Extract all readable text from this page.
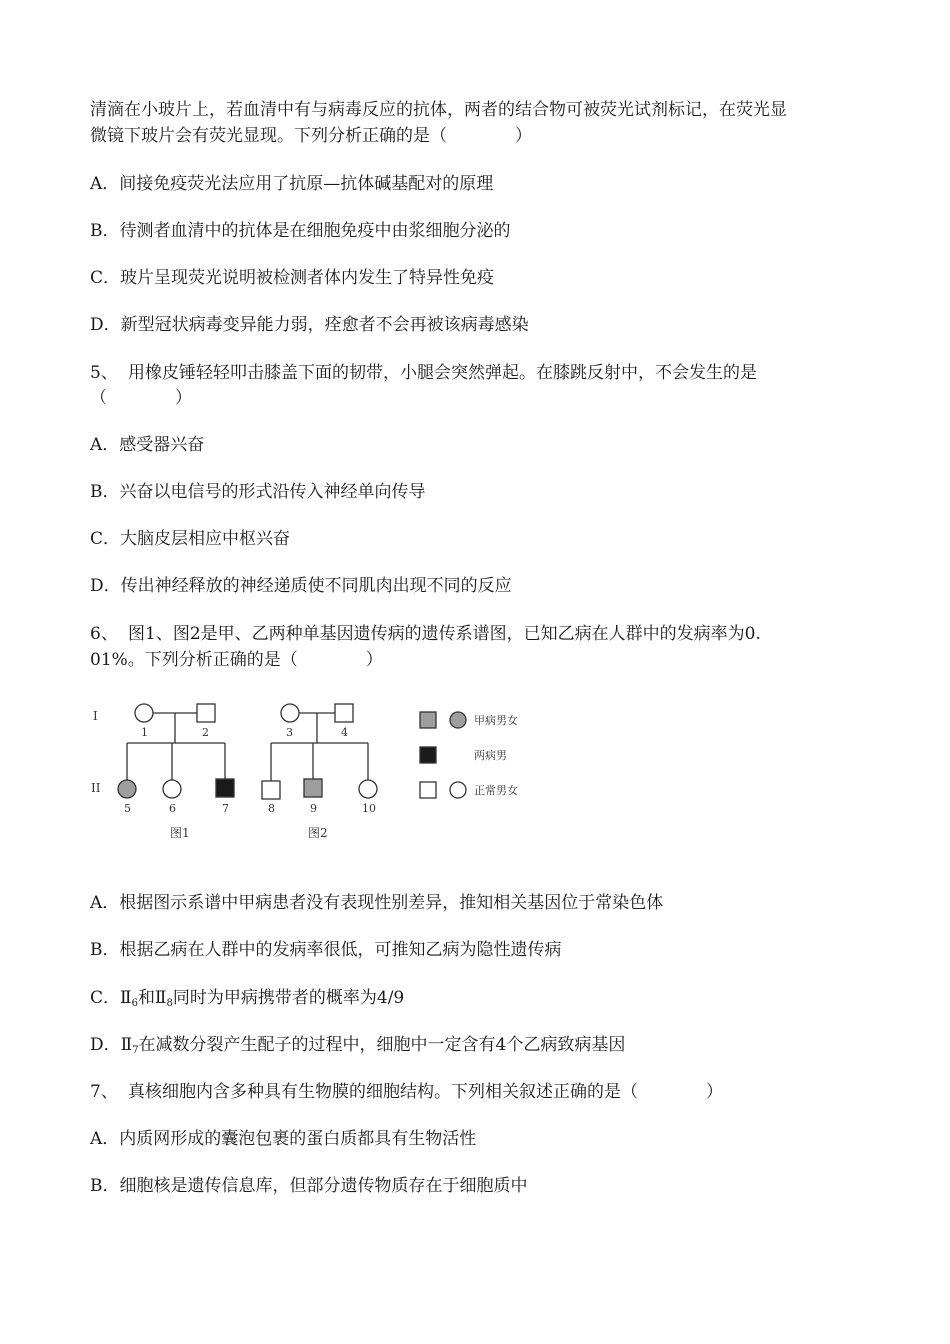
清滴在小玻片上，若血清中有与病毒反应的抗体，两者的结合物可被荧光试剂标记，在荧光显
微镜下玻片会有荧光显现。下列分析正确的是（　　　　）
A．间接免疫荧光法应用了抗原—抗体碱基配对的原理
B．待测者血清中的抗体是在细胞免疫中由浆细胞分泌的
C．玻片呈现荧光说明被检测者体内发生了特异性免疫
D．新型冠状病毒变异能力弱，痊愈者不会再被该病毒感染
5、 用橡皮锤轻轻叩击膝盖下面的韧带，小腿会突然弹起。在膝跳反射中，不会发生的是
（　　　　）
A．感受器兴奋
B．兴奋以电信号的形式沿传入神经单向传导
C．大脑皮层相应中枢兴奋
D．传出神经释放的神经递质使不同肌肉出现不同的反应
6、 图1、图2是甲、乙两种单基因遗传病的遗传系谱图，已知乙病在人群中的发病率为0.
01%。下列分析正确的是（　　　　）
I
II
1	2	3	4
5	6	7	8	9	10
图1	图2
甲病男女
两病男
正常男女
A．根据图示系谱中甲病患者没有表现性别差异，推知相关基因位于常染色体
B．根据乙病在人群中的发病率很低，可推知乙病为隐性遗传病
C．$Ⅱ_6$和$Ⅱ_8$同时为甲病携带者的概率为4/9
D．$Ⅱ_7$在减数分裂产生配子的过程中，细胞中一定含有4个乙病致病基因
7、 真核细胞内含多种具有生物膜的细胞结构。下列相关叙述正确的是（　　　　）
A．内质网形成的囊泡包裹的蛋白质都具有生物活性
B．细胞核是遗传信息库，但部分遗传物质存在于细胞质中
